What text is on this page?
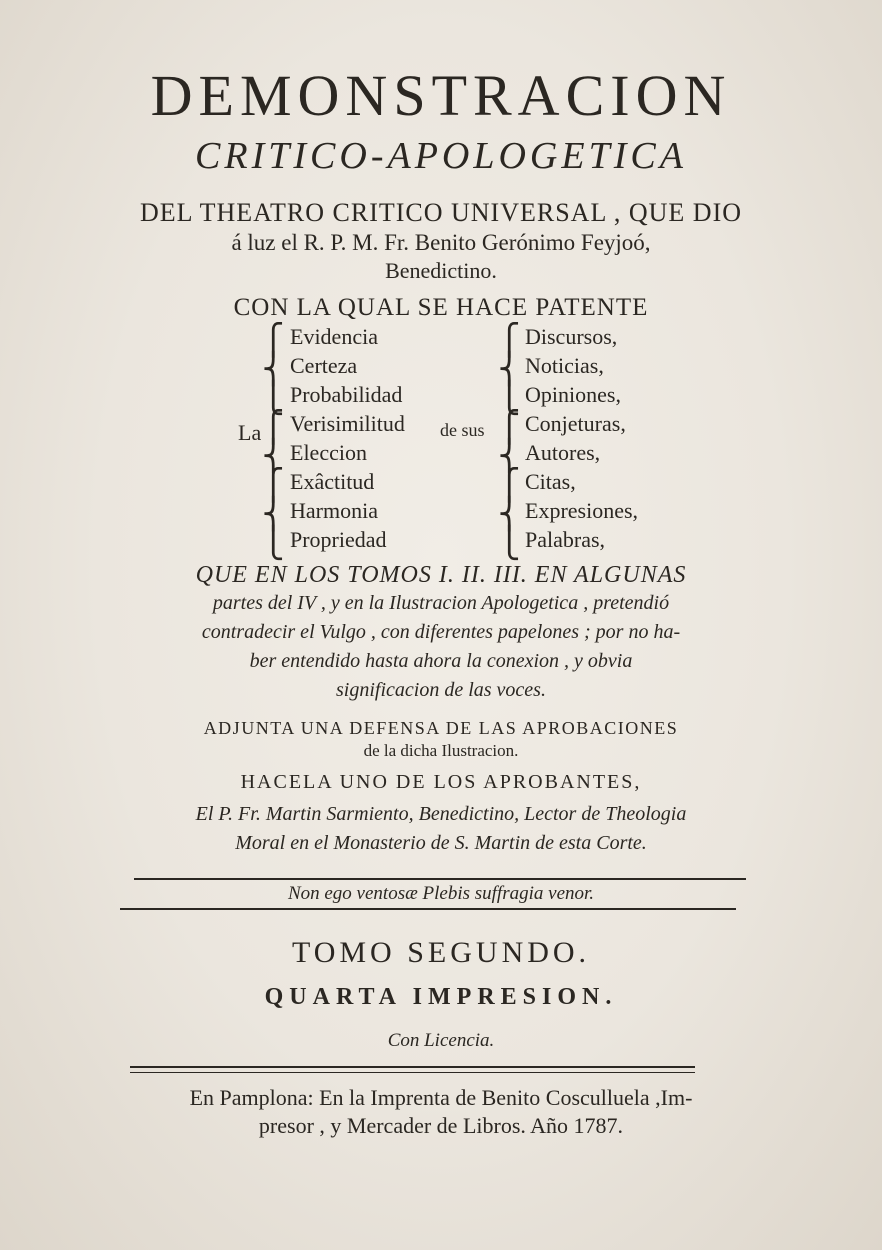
DEMONSTRACION
CRITICO-APOLOGETICA
DEL THEATRO CRITICO UNIVERSAL , QUE DIO
á luz el R. P. M. Fr. Benito Gerónimo Feyjoó,
Benedictino.
CON LA QUAL SE HACE PATENTE
La
⎧
⎨
⎩
⎧
⎨
⎧
⎨
⎩
Evidencia
Certeza
Probabilidad
Verisimilitud
Eleccion
Exâctitud
Harmonia
Propriedad
de sus
⎧
⎨
⎩
⎧
⎨
⎧
⎨
⎩
Discursos,
Noticias,
Opiniones,
Conjeturas,
Autores,
Citas,
Expresiones,
Palabras,
QUE EN LOS TOMOS I. II. III. EN ALGUNAS
partes del IV , y en la Ilustracion Apologetica , pretendió
contradecir el Vulgo , con diferentes papelones ; por no ha-
ber entendido hasta ahora la conexion , y obvia
significacion de las voces.
ADJUNTA UNA DEFENSA DE LAS APROBACIONES
de la dicha Ilustracion.
HACELA UNO DE LOS APROBANTES,
El P. Fr. Martin Sarmiento, Benedictino, Lector de Theologia
Moral en el Monasterio de S. Martin de esta Corte.
Non ego ventosæ Plebis suffragia venor.
TOMO SEGUNDO.
QUARTA IMPRESION.
Con Licencia.
En Pamplona: En la Imprenta de Benito Cosculluela ,Im-
presor , y Mercader de Libros. Año 1787.
